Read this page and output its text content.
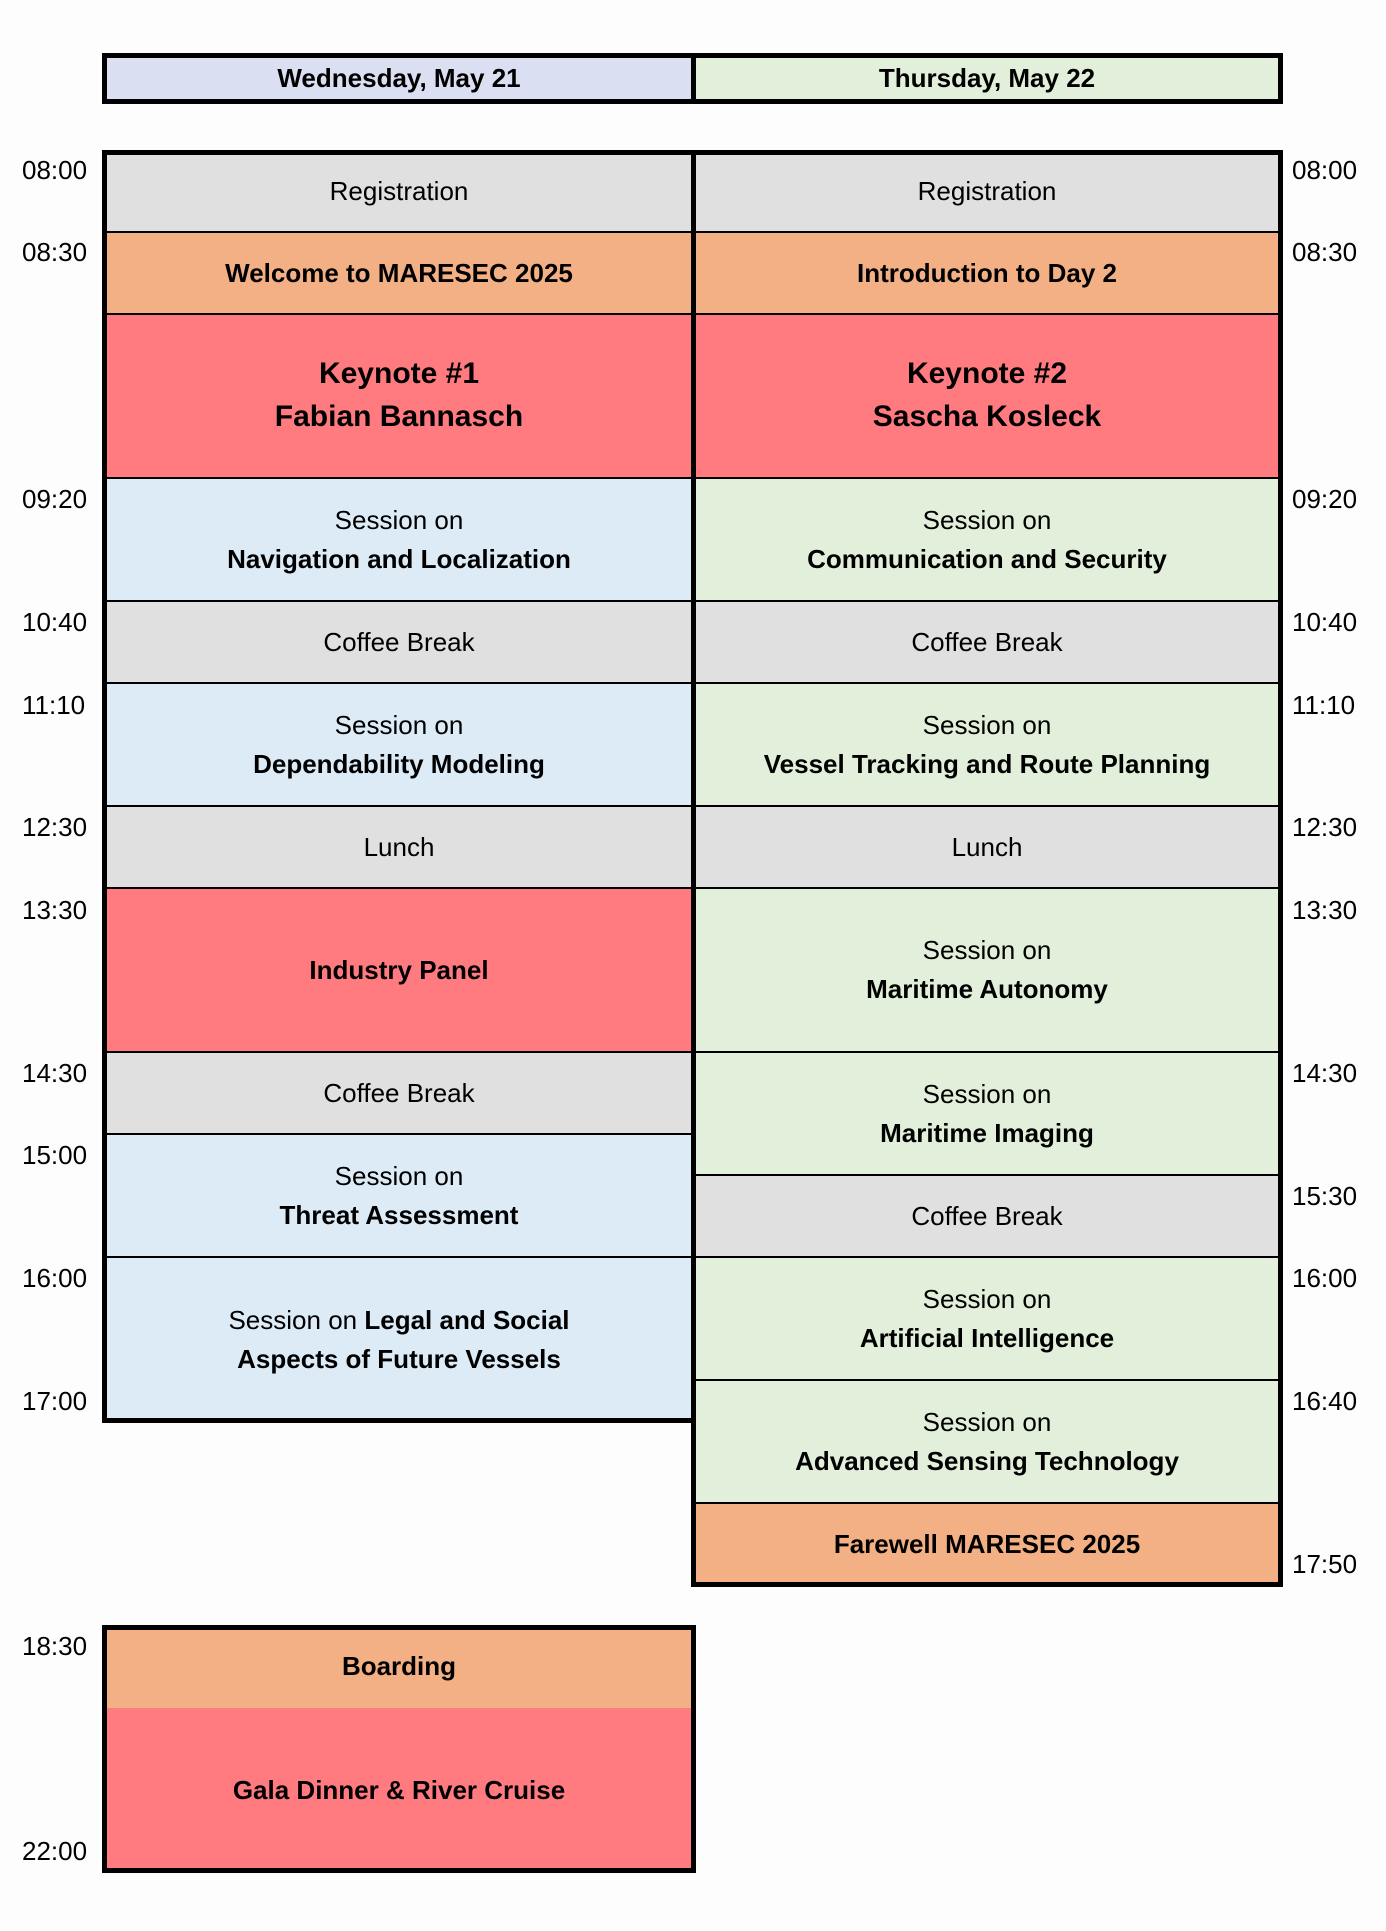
Wednesday, May 21	Thursday, May 22
08:00
08:30
09:20
10:40
11:10
12:30
13:30
14:30
15:00
16:00
17:00
18:30
22:00
08:00
08:30
09:20
10:40
11:10
12:30
13:30
14:30
15:30
16:00
16:40
17:50
Registration
Welcome to MARESEC 2025
Keynote #1
Fabian Bannasch
Session on
Navigation and Localization
Coffee Break
Session on
Dependability Modeling
Lunch
Industry Panel
Coffee Break
Session on
Threat Assessment
Session on Legal and Social
Aspects of Future Vessels
Registration
Introduction to Day 2
Keynote #2
Sascha Kosleck
Session on
Communication and Security
Coffee Break
Session on
Vessel Tracking and Route Planning
Lunch
Session on
Maritime Autonomy
Session on
Maritime Imaging
Coffee Break
Session on
Artificial Intelligence
Session on
Advanced Sensing Technology
Farewell MARESEC 2025
Boarding
Gala Dinner & River Cruise
